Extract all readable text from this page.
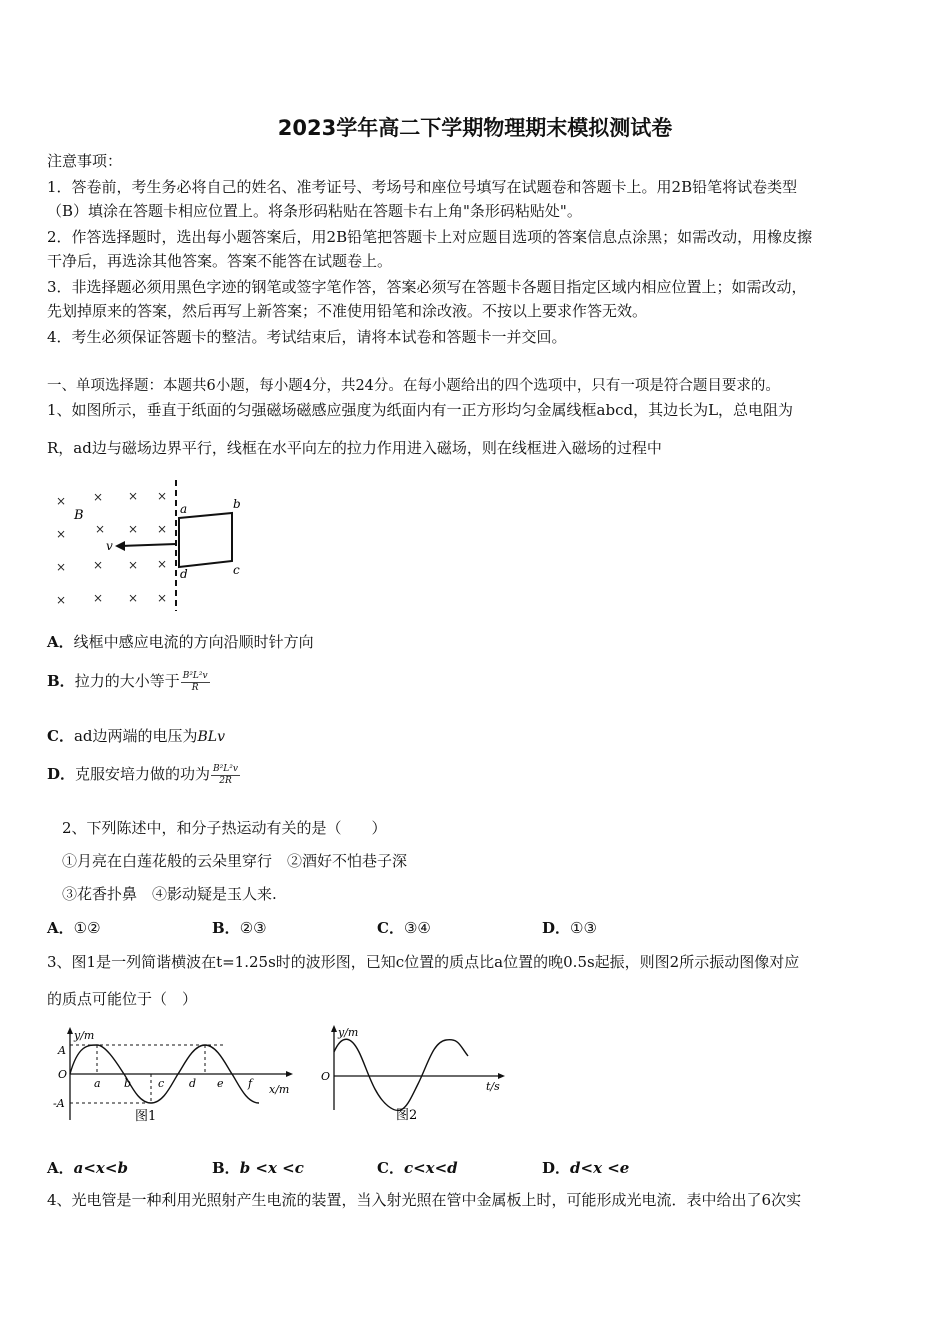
2023学年高二下学期物理期末模拟测试卷
注意事项：
1．答卷前，考生务必将自己的姓名、准考证号、考场号和座位号填写在试题卷和答题卡上。用2B铅笔将试卷类型
（B）填涂在答题卡相应位置上。将条形码粘贴在答题卡右上角"条形码粘贴处"。
2．作答选择题时，选出每小题答案后，用2B铅笔把答题卡上对应题目选项的答案信息点涂黑；如需改动，用橡皮擦
干净后，再选涂其他答案。答案不能答在试题卷上。
3．非选择题必须用黑色字迹的钢笔或签字笔作答，答案必须写在答题卡各题目指定区域内相应位置上；如需改动，
先划掉原来的答案，然后再写上新答案；不准使用铅笔和涂改液。不按以上要求作答无效。
4．考生必须保证答题卡的整洁。考试结束后，请将本试卷和答题卡一并交回。
一、单项选择题：本题共6小题，每小题4分，共24分。在每小题给出的四个选项中，只有一项是符合题目要求的。
1、如图所示，垂直于纸面的匀强磁场磁感应强度为纸面内有一正方形均匀金属线框abcd，其边长为L，总电阻为
R，ad边与磁场边界平行，线框在水平向左的拉力作用进入磁场，则在线框进入磁场的过程中
× × × ×
× × ×
×
× × × ×
× × × ×
B
v
a	b
c
d
A．线框中感应电流的方向沿顺时针方向
B．拉力的大小等于 $\frac{\text{B²L²v}}{R}$
C．ad边两端的电压为BLv
D．克服安培力做的功为 $\frac{\text{B²L²v}}{2R}$
2、下列陈述中，和分子热运动有关的是（　　）
①月亮在白莲花般的云朵里穿行　②酒好不怕巷子深
③花香扑鼻　④影动疑是玉人来.
A．①②	B．②③	C．③④	D．①③
3、图1是一列简谐横波在t=1.25s时的波形图，已知c位置的质点比a位置的晚0.5s起振，则图2所示振动图像对应
的质点可能位于（　）
y/m
A
-A
O
a b c d e f x/m
图1
y/m
O
t/s
图2
A．a<x<b	B．b <x <c	C．c<x<d	D．d<x <e
4、光电管是一种利用光照射产生电流的装置，当入射光照在管中金属板上时，可能形成光电流．表中给出了6次实
